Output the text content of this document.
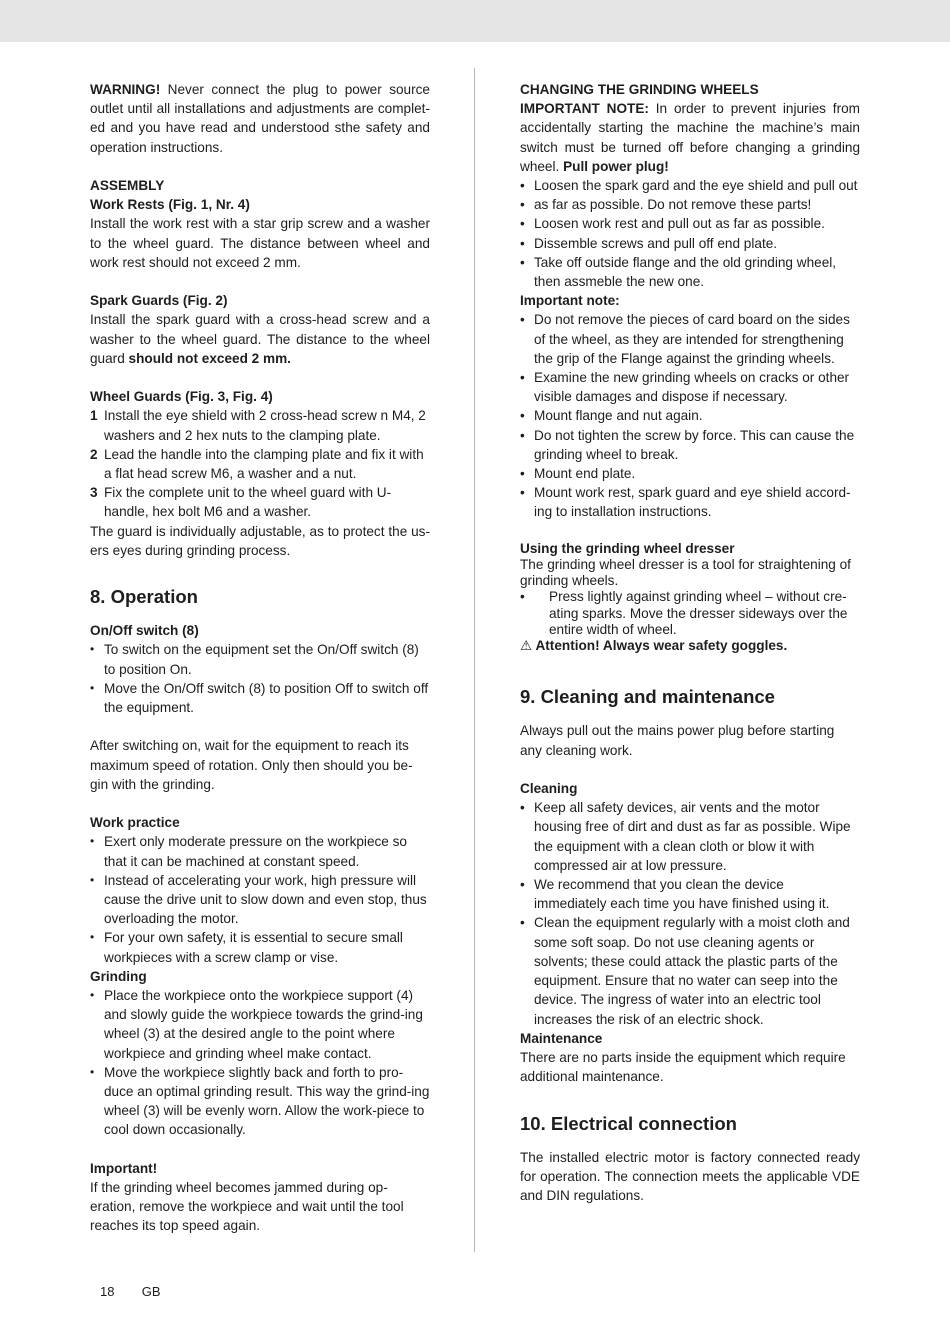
WARNING! Never connect the plug to power source outlet until all installations and adjustments are complet-ed and you have read and understood sthe safety and operation instructions.

ASSEMBLY

Work Rests (Fig. 1, Nr. 4)

Install the work rest with a star grip screw and a washer to the wheel guard. The distance between wheel and work rest should not exceed 2 mm.

Spark Guards (Fig. 2)

Install the spark guard with a cross-head screw and a washer to the wheel guard. The distance to the wheel guard should not exceed 2 mm.

Wheel Guards (Fig. 3, Fig. 4)

1 Install the eye shield with 2 cross-head screw n M4, 2 washers and 2 hex nuts to the clamping plate.
2 Lead the handle into the clamping plate and fix it with a flat head screw M6, a washer and a nut.
3 Fix the complete unit to the wheel guard with U-handle, hex bolt M6 and a washer.

The guard is individually adjustable, as to protect the us-ers eyes during grinding process.

8. Operation

On/Off switch (8)

• To switch on the equipment set the On/Off switch (8) to position On.
• Move the On/Off switch (8) to position Off to switch off the equipment.

After switching on, wait for the equipment to reach its maximum speed of rotation. Only then should you be-gin with the grinding.

Work practice

• Exert only moderate pressure on the workpiece so that it can be machined at constant speed.
• Instead of accelerating your work, high pressure will cause the drive unit to slow down and even stop, thus overloading the motor.
• For your own safety, it is essential to secure small workpieces with a screw clamp or vise.

Grinding

• Place the workpiece onto the workpiece support (4) and slowly guide the workpiece towards the grind-ing wheel (3) at the desired angle to the point where workpiece and grinding wheel make contact.
• Move the workpiece slightly back and forth to pro-duce an optimal grinding result. This way the grind-ing wheel (3) will be evenly worn. Allow the work-piece to cool down occasionally.

Important!

If the grinding wheel becomes jammed during op-eration, remove the workpiece and wait until the tool reaches its top speed again.

CHANGING THE GRINDING WHEELS

IMPORTANT NOTE: In order to prevent injuries from accidentally starting the machine the machine’s main switch must be turned off before changing a grinding wheel. Pull power plug!

• Loosen the spark gard and the eye shield and pull out
• as far as possible. Do not remove these parts!
• Loosen work rest and pull out as far as possible.
• Dissemble screws and pull off end plate.
• Take off outside flange and the old grinding wheel, then assmeble the new one.

Important note:

• Do not remove the pieces of card board on the sides of the wheel, as they are intended for strengthening the grip of the Flange against the grinding wheels.
• Examine the new grinding wheels on cracks or other visible damages and dispose if necessary.
• Mount flange and nut again.
• Do not tighten the screw by force. This can cause the grinding wheel to break.
• Mount end plate.
• Mount work rest, spark guard and eye shield accord-ing to installation instructions.

Using the grinding wheel dresser

The grinding wheel dresser is a tool for straightening of grinding wheels.

• Press lightly against grinding wheel – without cre-ating sparks. Move the dresser sideways over the entire width of wheel.

⚠ Attention! Always wear safety goggles.

9. Cleaning and maintenance

Always pull out the mains power plug before starting any cleaning work.

Cleaning

• Keep all safety devices, air vents and the motor housing free of dirt and dust as far as possible. Wipe the equipment with a clean cloth or blow it with compressed air at low pressure.
• We recommend that you clean the device immediately each time you have finished using it.
• Clean the equipment regularly with a moist cloth and some soft soap. Do not use cleaning agents or solvents; these could attack the plastic parts of the equipment. Ensure that no water can seep into the device. The ingress of water into an electric tool increases the risk of an electric shock.

Maintenance

There are no parts inside the equipment which require additional maintenance.

10. Electrical connection

The installed electric motor is factory connected ready for operation. The connection meets the applicable VDE and DIN regulations.

18 GB
